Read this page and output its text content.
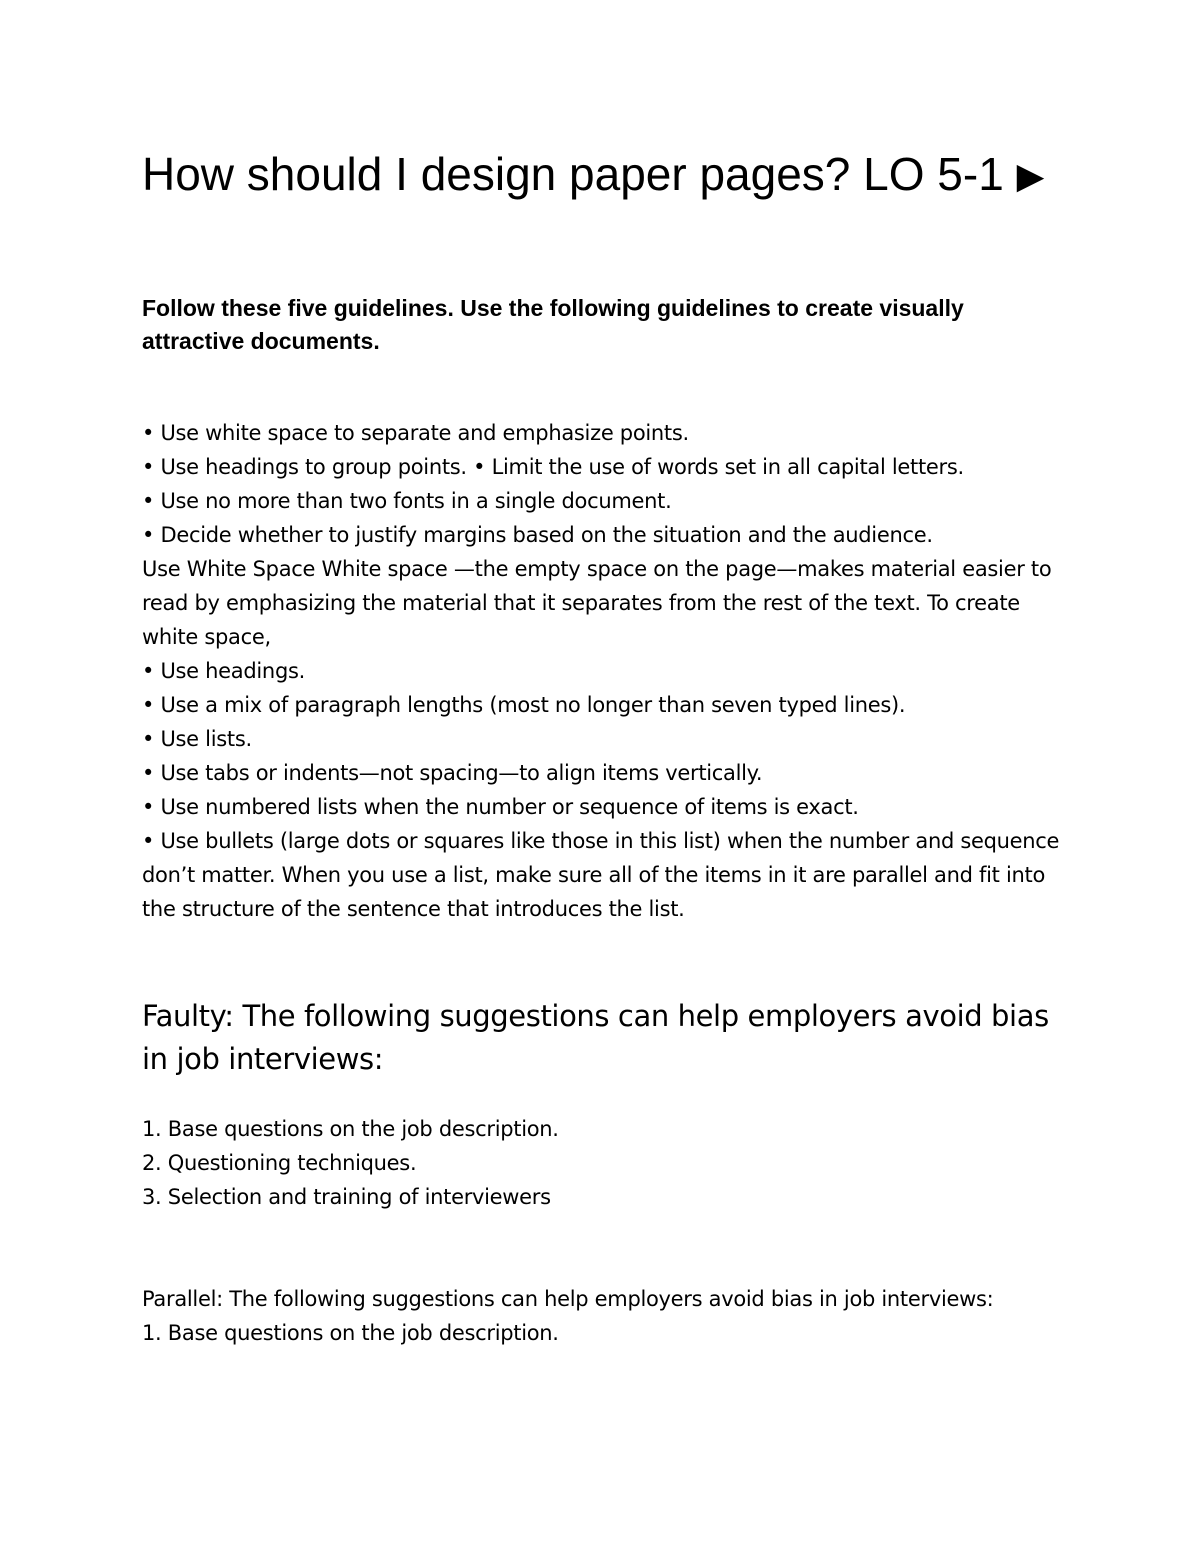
How should I design paper pages? LO 5-1 ▶

Follow these five guidelines. Use the following guidelines to create visually attractive documents.

• Use white space to separate and emphasize points.

• Use headings to group points. • Limit the use of words set in all capital letters.

• Use no more than two fonts in a single document.

• Decide whether to justify margins based on the situation and the audience.

Use White Space White space —the empty space on the page—makes material easier to read by emphasizing the material that it separates from the rest of the text. To create white space,

• Use headings.

• Use a mix of paragraph lengths (most no longer than seven typed lines).

• Use lists.

• Use tabs or indents—not spacing—to align items vertically.

• Use numbered lists when the number or sequence of items is exact.

• Use bullets (large dots or squares like those in this list) when the number and sequence don’t matter. When you use a list, make sure all of the items in it are parallel and fit into the structure of the sentence that introduces the list.

Faulty: The following suggestions can help employers avoid bias in job interviews:

1. Base questions on the job description.

2. Questioning techniques.

3. Selection and training of interviewers

Parallel: The following suggestions can help employers avoid bias in job interviews:

1. Base questions on the job description.
